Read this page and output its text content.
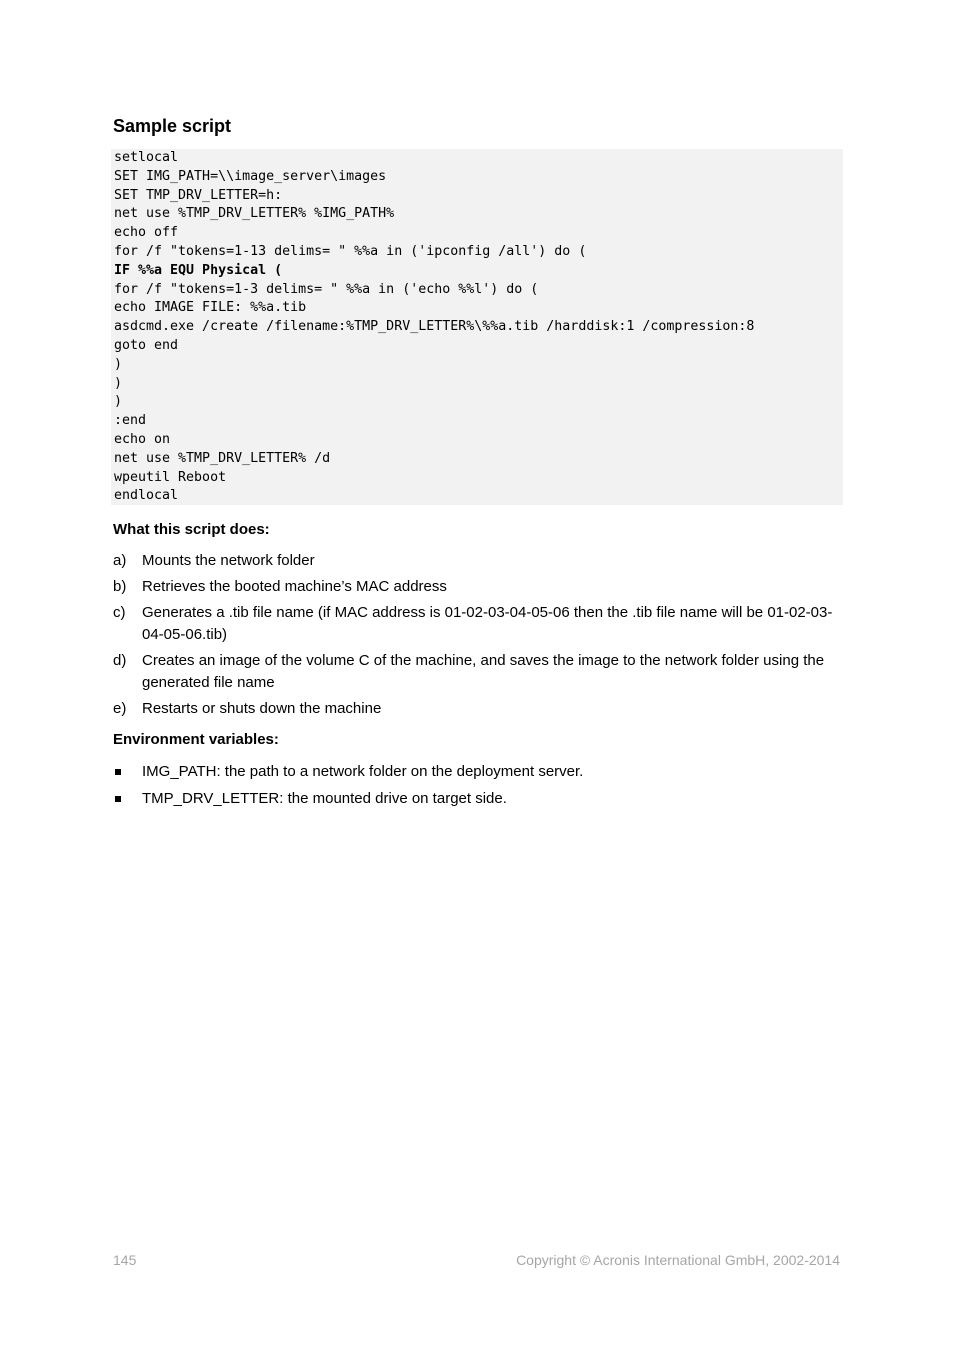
Sample script
setlocal
SET IMG_PATH=\\image_server\images
SET TMP_DRV_LETTER=h:
net use %TMP_DRV_LETTER% %IMG_PATH%
echo off
for /f "tokens=1-13 delims= " %%a in ('ipconfig /all') do (
IF %%a EQU Physical (
for /f "tokens=1-3 delims= " %%a in ('echo %%l') do (
echo IMAGE FILE: %%a.tib
asdcmd.exe /create /filename:%TMP_DRV_LETTER%\%%a.tib /harddisk:1 /compression:8
goto end
)
)
)
:end
echo on
net use %TMP_DRV_LETTER% /d
wpeutil Reboot
endlocal
What this script does:
a)	Mounts the network folder
b)	Retrieves the booted machine’s MAC address
c)	Generates a .tib file name (if MAC address is 01-02-03-04-05-06 then the .tib file name will be 01-02-03-04-05-06.tib)
d)	Creates an image of the volume C of the machine, and saves the image to the network folder using the generated file name
e)	Restarts or shuts down the machine
Environment variables:
IMG_PATH: the path to a network folder on the deployment server.
TMP_DRV_LETTER: the mounted drive on target side.
145	Copyright © Acronis International GmbH, 2002-2014
